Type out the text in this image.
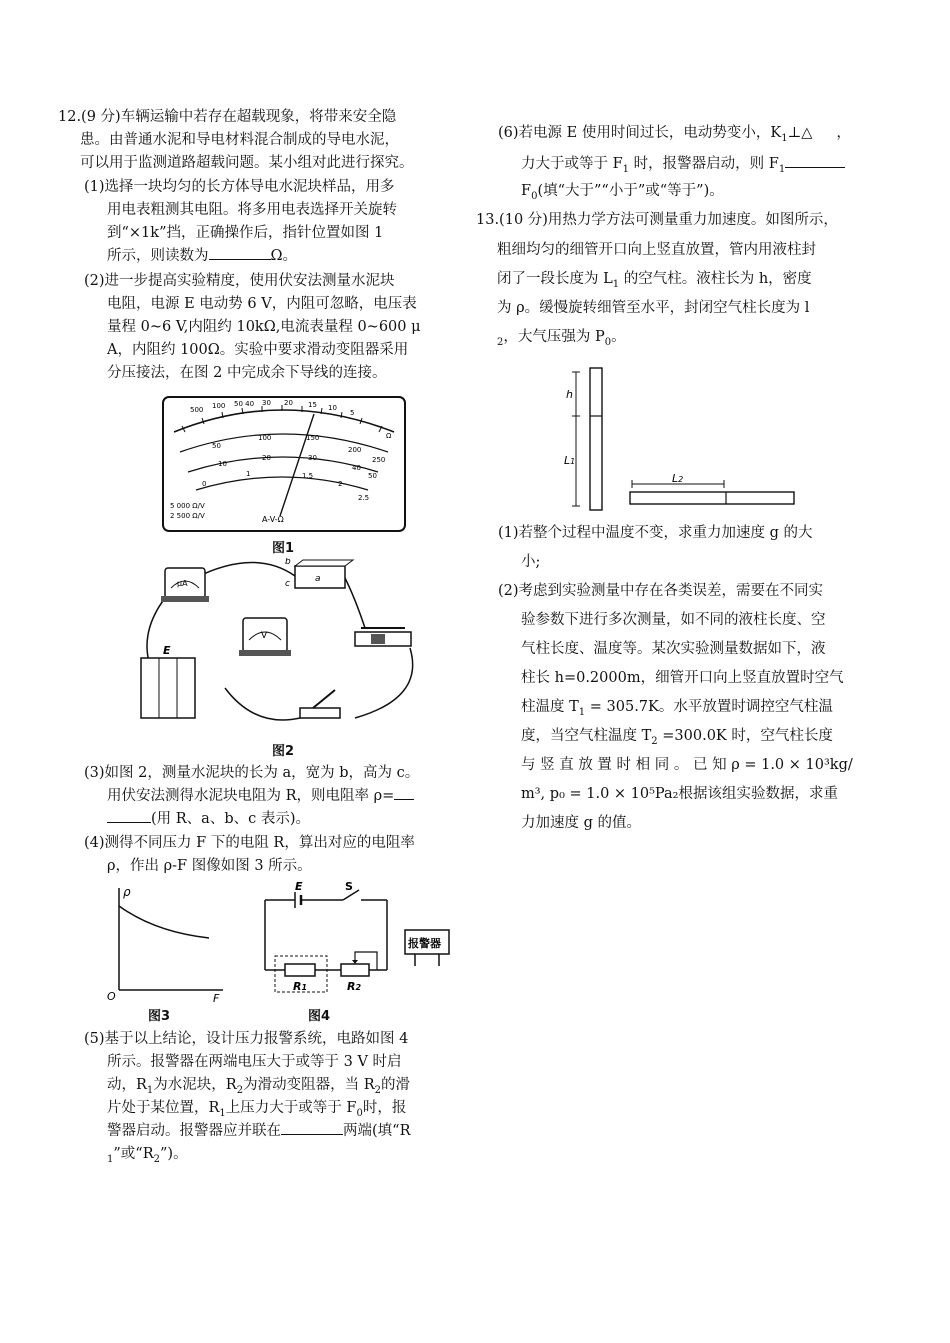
12.(9 分)车辆运输中若存在超载现象，将带来安全隐
患。由普通水泥和导电材料混合制成的导电水泥，
可以用于监测道路超载问题。某小组对此进行探究。
(1)选择一块均匀的长方体导电水泥块样品，用多
用电表粗测其电阻。将多用电表选择开关旋转
到“×1k”挡，正确操作后，指针位置如图 1
所示，则读数为	Ω。
(2)进一步提高实验精度，使用伏安法测量水泥块
电阻，电源 E 电动势 6 V，内阻可忽略，电压表
量程 0~6 V,内阻约 10kΩ,电流表量程 0~600 μ
A，内阻约 100Ω。实验中要求滑动变阻器采用
分压接法，在图 2 中完成余下导线的连接。
500 100 50 40 30 20 15 10
5
Ω
50
100	150
200
250
10
20	30
40
50
0
1	1.5
2
2.5
5 000 Ω/V
2 500 Ω/V	A-V-Ω
图1
μA	a
b
c
V
E
图2
(3)如图 2，测量水泥块的长为 a，宽为 b，高为 c。
用伏安法测得水泥块电阻为 R，则电阻率 ρ=
(用 R、a、b、c 表示)。
(4)测得不同压力 F 下的电阻 R，算出对应的电阻率
ρ，作出 ρ-F 图像如图 3 所示。
ρ
O	F
图3
E	S
R1	R2
报警器
图4
(5)基于以上结论，设计压力报警系统，电路如图 4
所示。报警器在两端电压大于或等于 3 V 时启
动，$R_1$为水泥块，$R_2$为滑动变阻器，当 $R_2$的滑
片处于某位置，$R_1$上压力大于或等于 $F_0$时，报
警器启动。报警器应并联在	两端(填“R
$_1$”或“$R_2$”)。
(6)若电源 E 使用时间过长，电动势变小，$K_1\perp\triangle$ ，
力大于或等于 $F_1$ 时，报警器启动，则 $F_1$
$F_0$(填“大于”“小于”或“等于”)。
13.(10 分)用热力学方法可测量重力加速度。如图所示，
粗细均匀的细管开口向上竖直放置，管内用液柱封
闭了一段长度为 $L_1$ 的空气柱。液柱长为 h，密度
为 ρ。缓慢旋转细管至水平，封闭空气柱长度为 l
$_2$，大气压强为 $P_0$。
h
L1
L2
(1)若整个过程中温度不变，求重力加速度 g 的大
小;
(2)考虑到实验测量中存在各类误差，需要在不同实
验参数下进行多次测量，如不同的液柱长度、空
气柱长度、温度等。某次实验测量数据如下，液
柱长 h=0.2000m，细管开口向上竖直放置时空气
柱温度 $T_1 = 305.7K$。水平放置时调控空气柱温
度，当空气柱温度 $T_2 =300.0K$ 时，空气柱长度
与 竖 直 放 置 时 相 同 。 已 知 ρ = 1.0 × 10³kg/
m³, p₀ = 1.0 × 10⁵Pa₂根据该组实验数据，求重
力加速度 g 的值。
